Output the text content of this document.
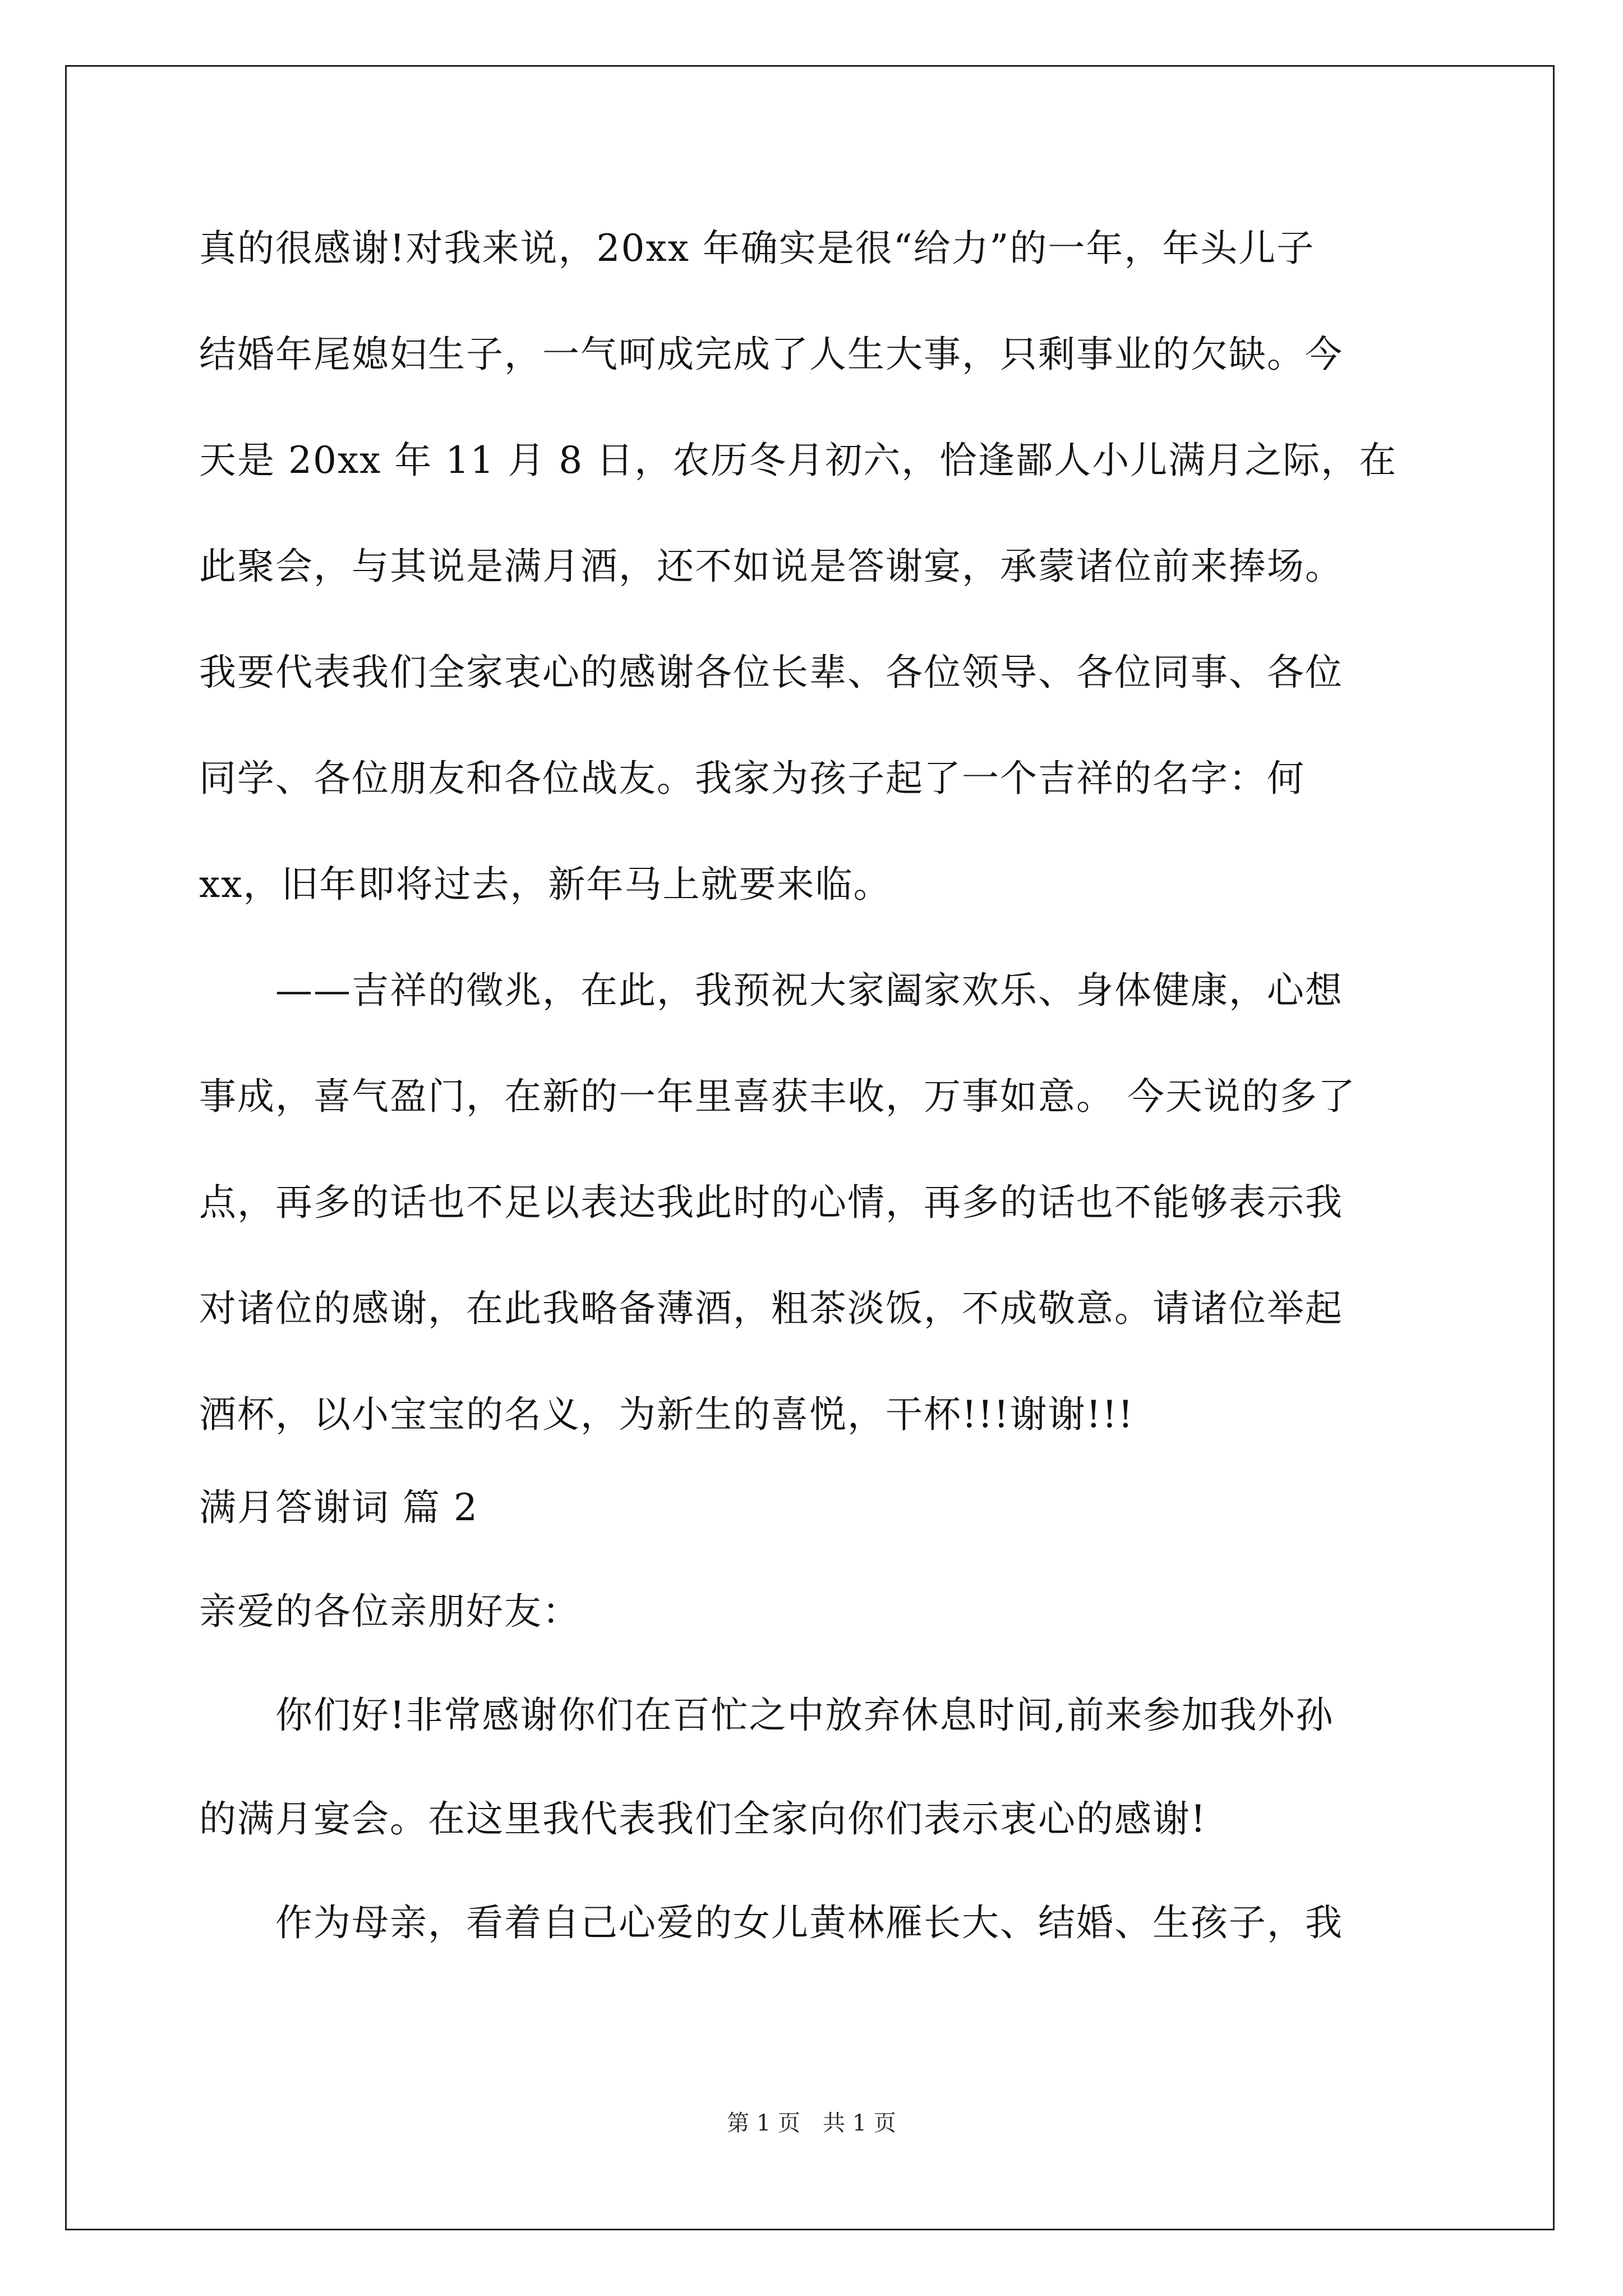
真的很感谢!对我来说，20xx 年确实是很“给力”的一年，年头儿子
结婚年尾媳妇生子，一气呵成完成了人生大事，只剩事业的欠缺。今
天是 20xx 年 11 月 8 日，农历冬月初六，恰逢鄙人小儿满月之际，在
此聚会，与其说是满月酒，还不如说是答谢宴，承蒙诸位前来捧场。
我要代表我们全家衷心的感谢各位长辈、各位领导、各位同事、各位
同学、各位朋友和各位战友。我家为孩子起了一个吉祥的名字：何
xx，旧年即将过去，新年马上就要来临。
　　——吉祥的徵兆，在此，我预祝大家阖家欢乐、身体健康，心想
事成，喜气盈门，在新的一年里喜获丰收，万事如意。 今天说的多了
点，再多的话也不足以表达我此时的心情，再多的话也不能够表示我
对诸位的感谢，在此我略备薄酒，粗茶淡饭，不成敬意。请诸位举起
酒杯，以小宝宝的名义，为新生的喜悦，干杯!!!谢谢!!!
满月答谢词 篇 2
亲爱的各位亲朋好友：
　　你们好!非常感谢你们在百忙之中放弃休息时间,前来参加我外孙
的满月宴会。在这里我代表我们全家向你们表示衷心的感谢!
　　作为母亲，看着自己心爱的女儿黄林雁长大、结婚、生孩子，我
第 1 页　共 1 页
